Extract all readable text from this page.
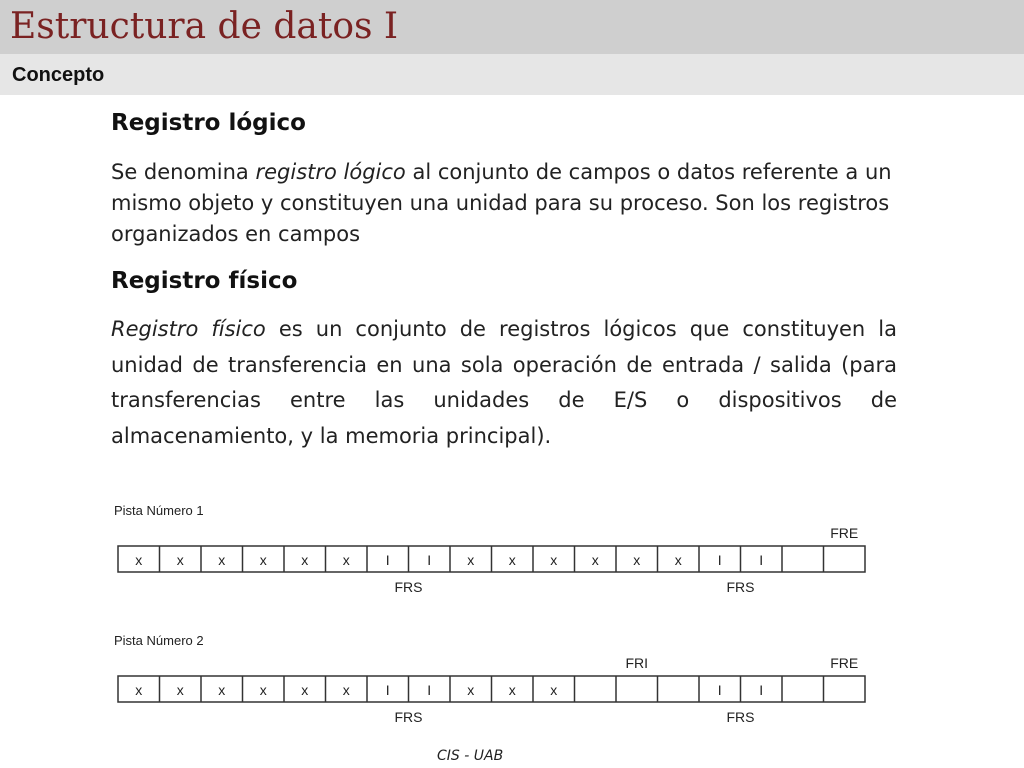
Estructura de datos I
Concepto
Registro lógico
Se denomina registro lógico al conjunto de campos o datos referente a un mismo objeto y constituyen una unidad para su proceso. Son los registros organizados en campos
Registro físico
Registro físico es un conjunto de registros lógicos que constituyen la unidad de transferencia en una sola operación de entrada / salida (para transferencias entre las unidades de E/S o dispositivos de almacenamiento, y la memoria principal).
Pista Número 1
x x x x x x	I	I	x x x x x x	I	I
FRE
FRS	FRS
Pista Número 2
x x x x x x	I	I	x x x	I	I
FRI	FRE
FRS	FRS
CIS - UAB
